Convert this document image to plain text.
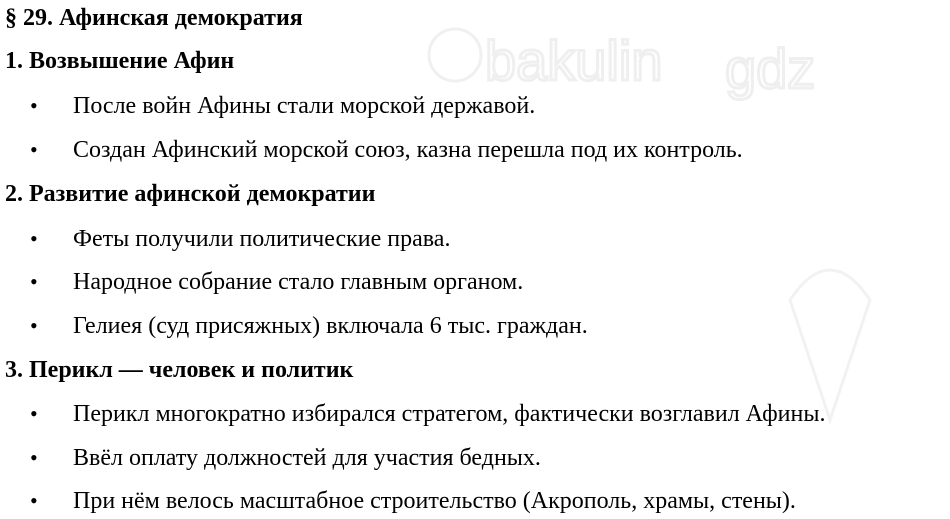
bakulin gdz
§ 29. Афинская демократия
1. Возвышение Афин
• После войн Афины стали морской державой.
• Создан Афинский морской союз, казна перешла под их контроль.
2. Развитие афинской демократии
• Феты получили политические права.
• Народное собрание стало главным органом.
• Гелиея (суд присяжных) включала 6 тыс. граждан.
3. Перикл — человек и политик
• Перикл многократно избирался стратегом, фактически возглавил Афины.
• Ввёл оплату должностей для участия бедных.
• При нём велось масштабное строительство (Акрополь, храмы, стены).
